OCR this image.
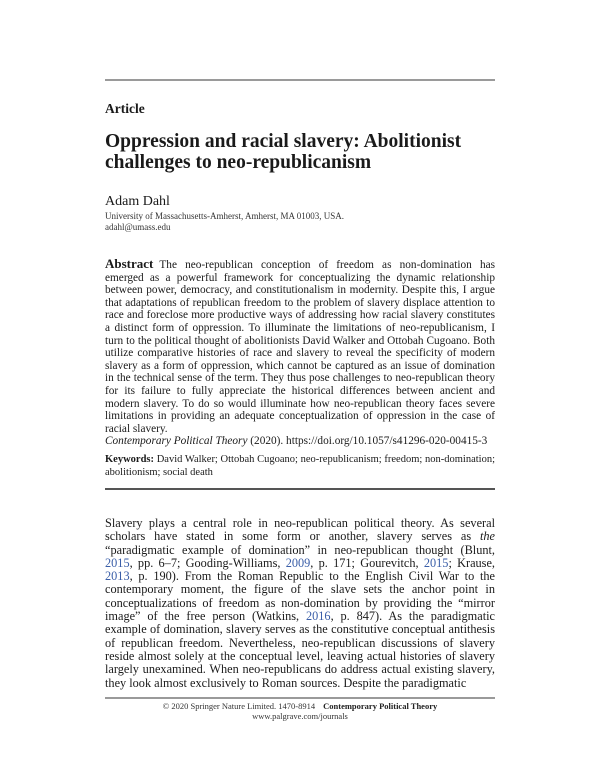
Article
Oppression and racial slavery: Abolitionist challenges to neo-republicanism
Adam Dahl
University of Massachusetts-Amherst, Amherst, MA 01003, USA.
adahl@umass.edu
Abstract The neo-republican conception of freedom as non-domination has emerged as a powerful framework for conceptualizing the dynamic relationship between power, democracy, and constitutionalism in modernity. Despite this, I argue that adaptations of republican freedom to the problem of slavery displace attention to race and foreclose more productive ways of addressing how racial slavery constitutes a distinct form of oppression. To illuminate the limitations of neo-republicanism, I turn to the political thought of abolitionists David Walker and Ottobah Cugoano. Both utilize comparative histories of race and slavery to reveal the specificity of modern slavery as a form of oppression, which cannot be captured as an issue of domination in the technical sense of the term. They thus pose challenges to neo-republican theory for its failure to fully appreciate the historical differences between ancient and modern slavery. To do so would illuminate how neo-republican theory faces severe limitations in providing an adequate conceptualization of oppression in the case of racial slavery.
Contemporary Political Theory (2020). https://doi.org/10.1057/s41296-020-00415-3
Keywords: David Walker; Ottobah Cugoano; neo-republicanism; freedom; non-domination; abolitionism; social death
Slavery plays a central role in neo-republican political theory. As several scholars have stated in some form or another, slavery serves as the “paradigmatic example of domination” in neo-republican thought (Blunt, 2015, pp. 6–7; Gooding-Williams, 2009, p. 171; Gourevitch, 2015; Krause, 2013, p. 190). From the Roman Republic to the English Civil War to the contemporary moment, the figure of the slave sets the anchor point in conceptualizations of freedom as non-domination by providing the “mirror image” of the free person (Watkins, 2016, p. 847). As the paradigmatic example of domination, slavery serves as the constitutive conceptual antithesis of republican freedom. Nevertheless, neo-republican discussions of slavery reside almost solely at the conceptual level, leaving actual histories of slavery largely unexamined. When neo-republicans do address actual existing slavery, they look almost exclusively to Roman sources. Despite the paradigmatic
© 2020 Springer Nature Limited. 1470-8914 Contemporary Political Theory
www.palgrave.com/journals
